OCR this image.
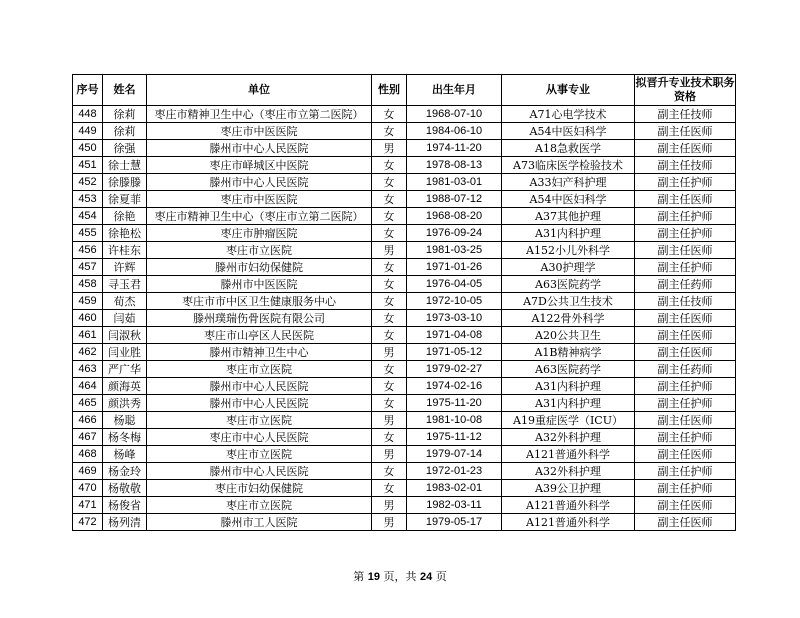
序号	姓名	单位	性别	出生年月	从事专业	拟晋升专业技术职务资格
448	徐莉	枣庄市精神卫生中心（枣庄市立第二医院）	女	1968-07-10	A71心电学技术	副主任技师
449	徐莉	枣庄市中医医院	女	1984-06-10	A54中医妇科学	副主任医师
450	徐强	滕州市中心人民医院	男	1974-11-20	A18急救医学	副主任医师
451	徐士慧	枣庄市峄城区中医院	女	1978-08-13	A73临床医学检验技术	副主任技师
452	徐滕滕	滕州市中心人民医院	女	1981-03-01	A33妇产科护理	副主任护师
453	徐夏菲	枣庄市中医医院	女	1988-07-12	A54中医妇科学	副主任医师
454	徐艳	枣庄市精神卫生中心（枣庄市立第二医院）	女	1968-08-20	A37其他护理	副主任护师
455	徐艳松	枣庄市肿瘤医院	女	1976-09-24	A31内科护理	副主任护师
456	许桂东	枣庄市立医院	男	1981-03-25	A152小儿外科学	副主任医师
457	许辉	滕州市妇幼保健院	女	1971-01-26	A30护理学	副主任护师
458	寻玉君	滕州市中医医院	女	1976-04-05	A63医院药学	副主任药师
459	荀杰	枣庄市市中区卫生健康服务中心	女	1972-10-05	A7D公共卫生技术	副主任技师
460	闫茹	滕州璞瑞伤骨医院有限公司	女	1973-03-10	A122骨外科学	副主任医师
461	闫淑秋	枣庄市山亭区人民医院	女	1971-04-08	A20公共卫生	副主任医师
462	闫业胜	滕州市精神卫生中心	男	1971-05-12	A1B精神病学	副主任医师
463	严广华	枣庄市立医院	女	1979-02-27	A63医院药学	副主任药师
464	颜海英	滕州市中心人民医院	女	1974-02-16	A31内科护理	副主任护师
465	颜洪秀	滕州市中心人民医院	女	1975-11-20	A31内科护理	副主任护师
466	杨聪	枣庄市立医院	男	1981-10-08	A19重症医学（ICU）	副主任医师
467	杨冬梅	枣庄市中心人民医院	女	1975-11-12	A32外科护理	副主任护师
468	杨峰	枣庄市立医院	男	1979-07-14	A121普通外科学	副主任医师
469	杨金玲	滕州市中心人民医院	女	1972-01-23	A32外科护理	副主任护师
470	杨敬敬	枣庄市妇幼保健院	女	1983-02-01	A39公卫护理	副主任护师
471	杨俊省	枣庄市立医院	男	1982-03-11	A121普通外科学	副主任医师
472	杨列清	滕州市工人医院	男	1979-05-17	A121普通外科学	副主任医师
第 19 页，共 24 页
